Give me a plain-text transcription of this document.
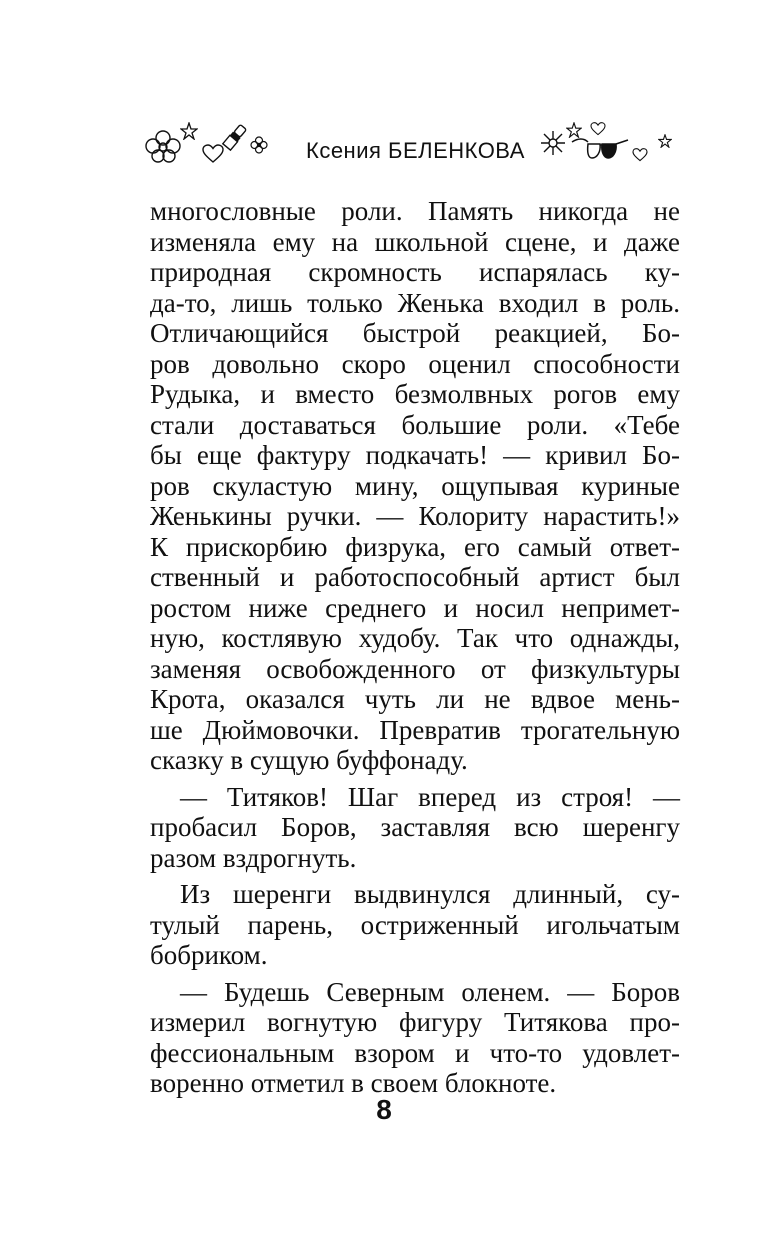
Ксения БЕЛЕНКОВА
многословные роли. Память никогда не
изменяла ему на школьной сцене, и даже
природная скромность испарялась ку-
да-то, лишь только Женька входил в роль.
Отличающийся быстрой реакцией, Бо-
ров довольно скоро оценил способности
Рудыка, и вместо безмолвных рогов ему
стали доставаться большие роли. «Тебе
бы еще фактуру подкачать! — кривил Бо-
ров скуластую мину, ощупывая куриные
Женькины ручки. — Колориту нарастить!»
К прискорбию физрука, его самый ответ-
ственный и работоспособный артист был
ростом ниже среднего и носил непримет-
ную, костлявую худобу. Так что однажды,
заменяя освобожденного от физкультуры
Крота, оказался чуть ли не вдвое мень-
ше Дюймовочки. Превратив трогательную
сказку в сущую буффонаду.
— Титяков! Шаг вперед из строя! —
пробасил Боров, заставляя всю шеренгу
разом вздрогнуть.
Из шеренги выдвинулся длинный, су-
тулый парень, остриженный игольчатым
бобриком.
— Будешь Северным оленем. — Боров
измерил вогнутую фигуру Титякова про-
фессиональным взором и что-то удовлет-
воренно отметил в своем блокноте.
8
